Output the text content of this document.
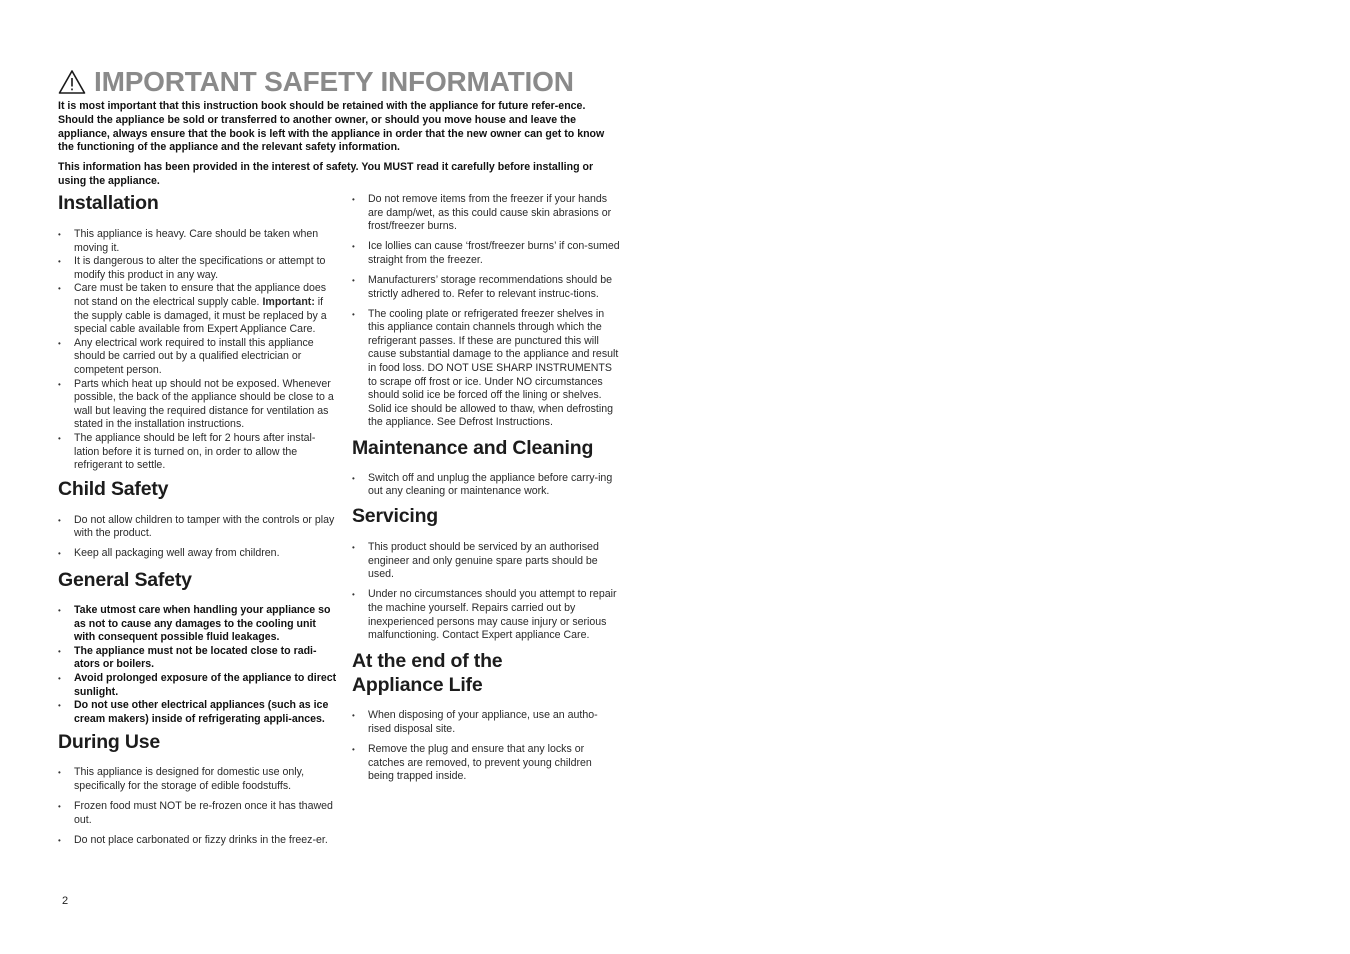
IMPORTANT SAFETY INFORMATION

It is most important that this instruction book should be retained with the appliance for future refer-ence. Should the appliance be sold or transferred to another owner, or should you move house and leave the appliance, always ensure that the book is left with the appliance in order that the new owner can get to know the functioning of the appliance and the relevant safety information.

This information has been provided in the interest of safety. You MUST read it carefully before installing or using the appliance.

Installation
• This appliance is heavy. Care should be taken when moving it.
• It is dangerous to alter the specifications or attempt to modify this product in any way.
• Care must be taken to ensure that the appliance does not stand on the electrical supply cable. Important: if the supply cable is damaged, it must be replaced by a special cable available from Expert Appliance Care.
• Any electrical work required to install this appliance should be carried out by a qualified electrician or competent person.
• Parts which heat up should not be exposed. Whenever possible, the back of the appliance should be close to a wall but leaving the required distance for ventilation as stated in the installation instructions.
• The appliance should be left for 2 hours after instal-lation before it is turned on, in order to allow the refrigerant to settle.
Child Safety
• Do not allow children to tamper with the controls or play with the product.
• Keep all packaging well away from children.
General Safety
• Take utmost care when handling your appliance so as not to cause any damages to the cooling unit with consequent possible fluid leakages.
• The appliance must not be located close to radi-ators or boilers.
• Avoid prolonged exposure of the appliance to direct sunlight.
• Do not use other electrical appliances (such as ice cream makers) inside of refrigerating appli-ances.
During Use
• This appliance is designed for domestic use only, specifically for the storage of edible foodstuffs.
• Frozen food must NOT be re-frozen once it has thawed out.
• Do not place carbonated or fizzy drinks in the freez-er.
• Do not remove items from the freezer if your hands are damp/wet, as this could cause skin abrasions or frost/freezer burns.
• Ice lollies can cause ‘frost/freezer burns’ if con-sumed straight from the freezer.
• Manufacturers’ storage recommendations should be strictly adhered to. Refer to relevant instruc-tions.
• The cooling plate or refrigerated freezer shelves in this appliance contain channels through which the refrigerant passes. If these are punctured this will cause substantial damage to the appliance and result in food loss. DO NOT USE SHARP INSTRUMENTS to scrape off frost or ice. Under NO circumstances should solid ice be forced off the lining or shelves. Solid ice should be allowed to thaw, when defrosting the appliance. See Defrost Instructions.
Maintenance and Cleaning
• Switch off and unplug the appliance before carry-ing out any cleaning or maintenance work.
Servicing
• This product should be serviced by an authorised engineer and only genuine spare parts should be used.
• Under no circumstances should you attempt to repair the machine yourself. Repairs carried out by inexperienced persons may cause injury or serious malfunctioning. Contact Expert appliance Care.
At the end of the
Appliance Life
• When disposing of your appliance, use an autho-rised disposal site.
• Remove the plug and ensure that any locks or catches are removed, to prevent young children being trapped inside.
2
